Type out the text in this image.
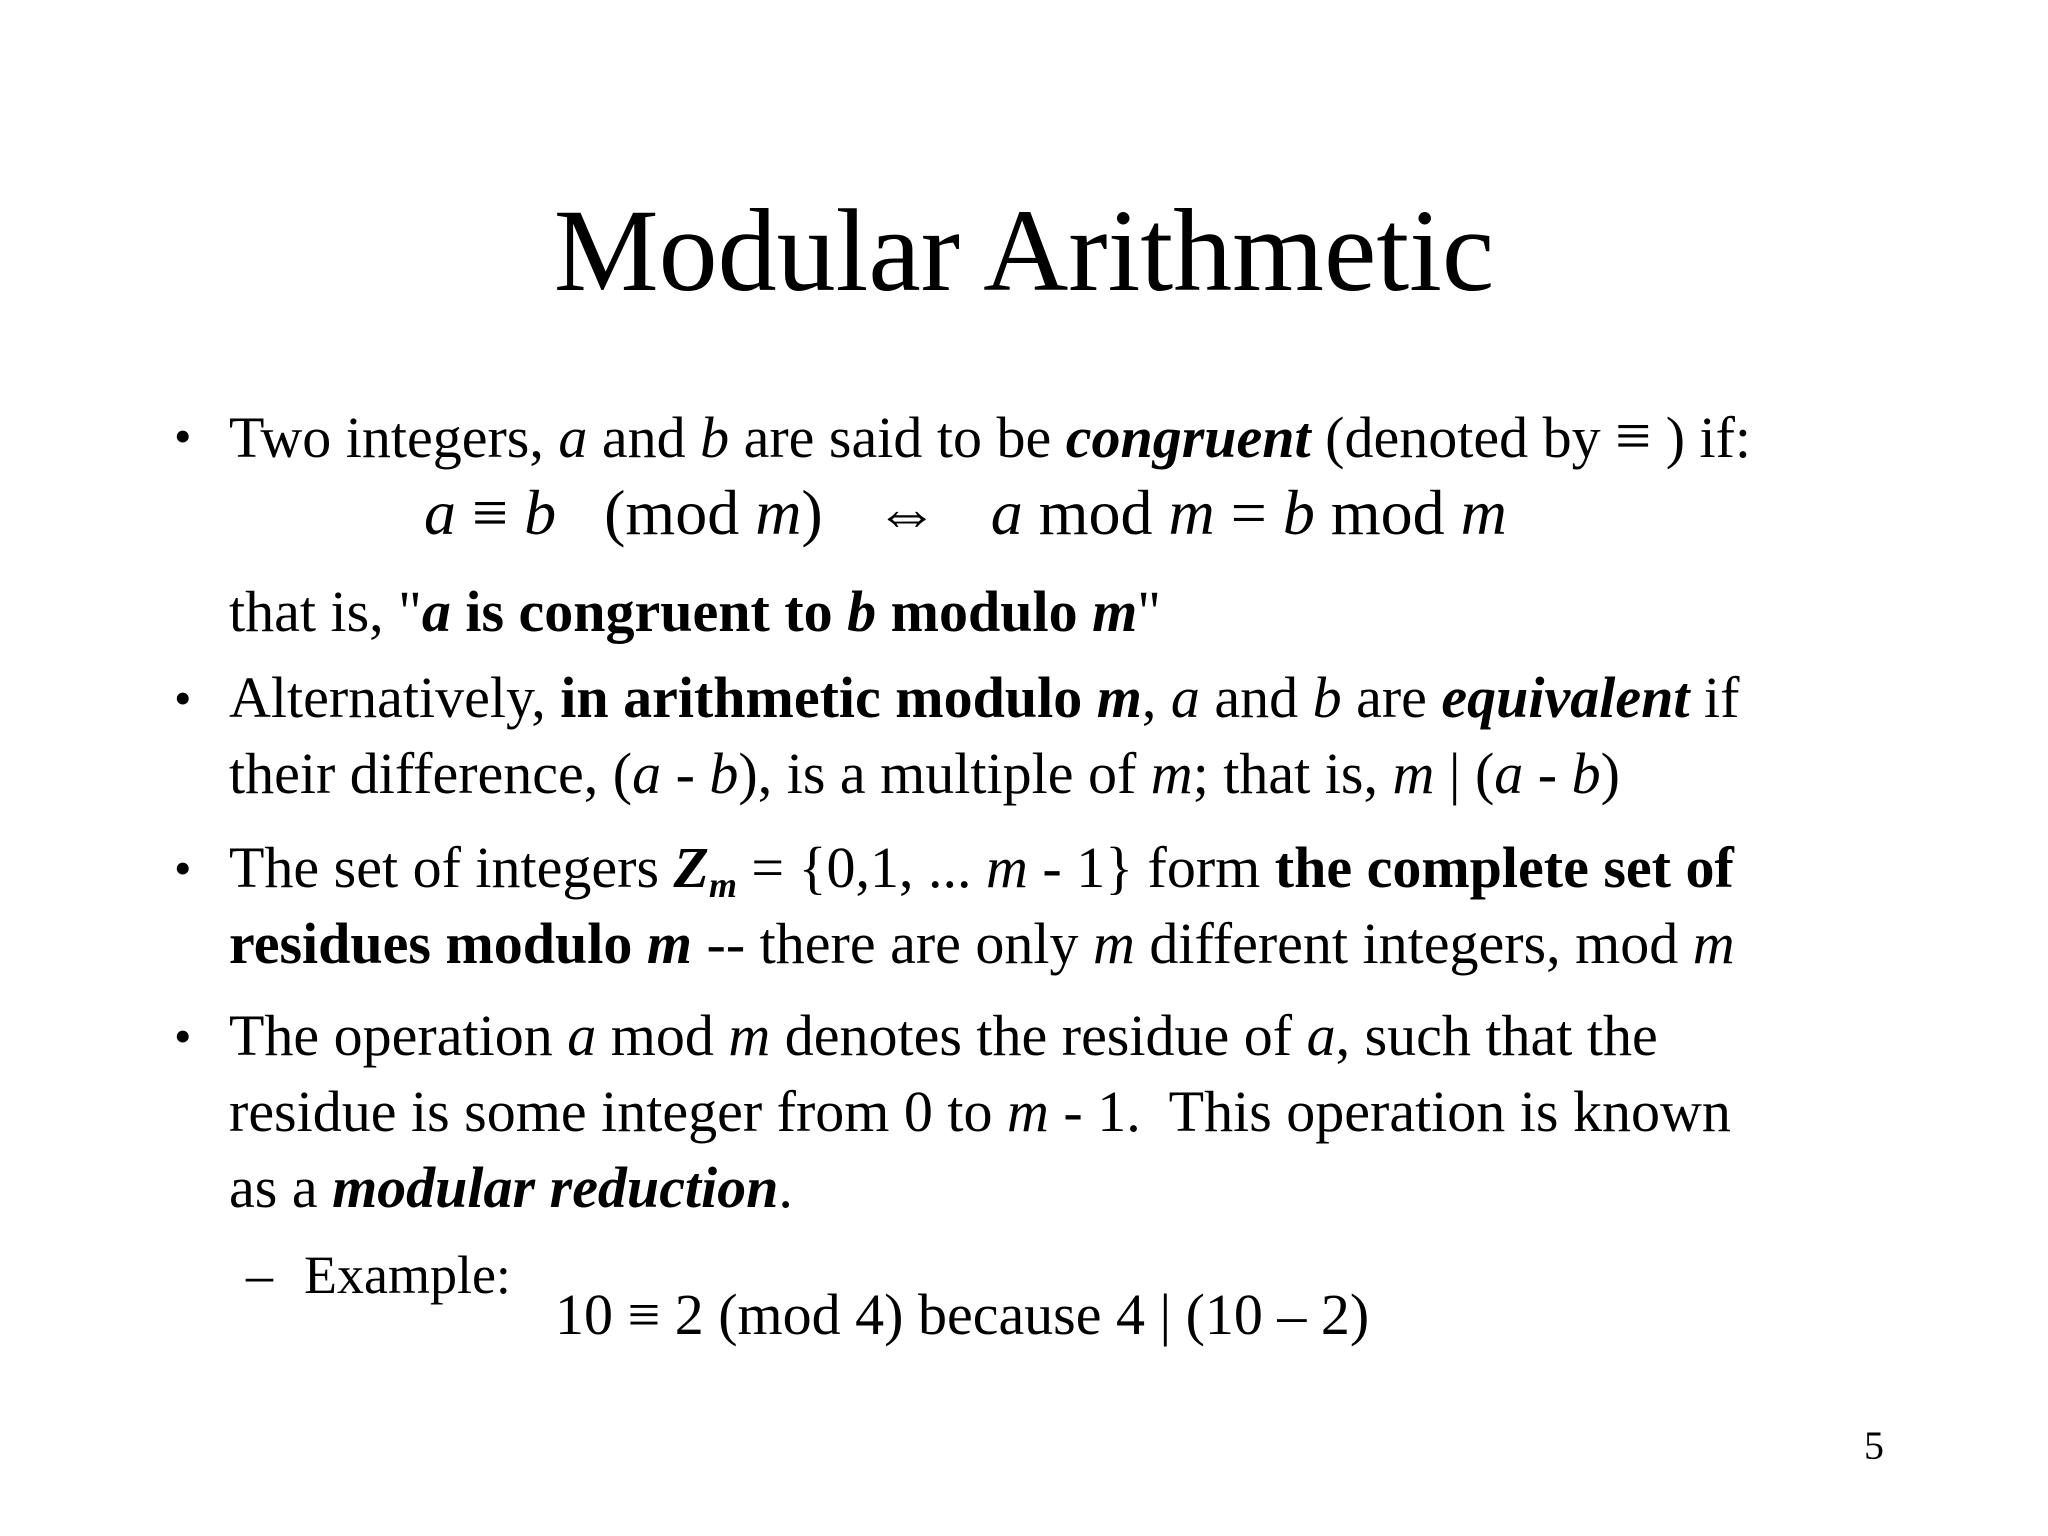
Modular Arithmetic
• Two integers, a and b are said to be congruent (denoted by ≡ ) if:
a ≡ b (mod m) ⇔ a mod m = b mod m
that is, "a is congruent to b modulo m"
• Alternatively, in arithmetic modulo m, a and b are equivalent if
their difference, (a - b), is a multiple of m; that is, m | (a - b)
• The set of integers $Z_m = \{0,1$, ... m - 1} form the complete set of
residues modulo m -- there are only m different integers, mod m
• The operation a mod m denotes the residue of a, such that the
residue is some integer from 0 to m - 1.  This operation is known
as a modular reduction.
– Example:
10 ≡ 2 (mod 4) because 4 | (10 – 2)
5
